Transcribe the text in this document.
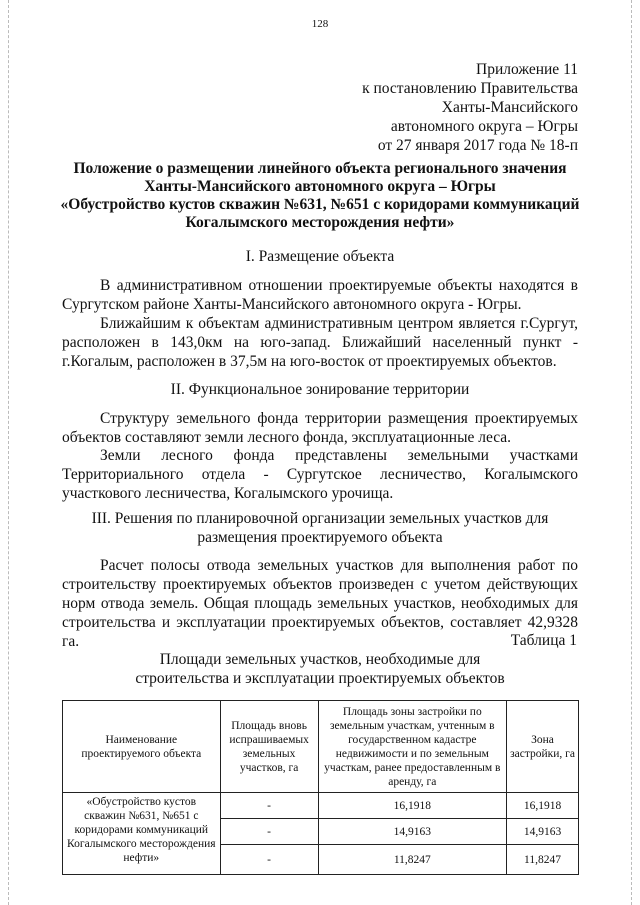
128
Приложение 11
к постановлению Правительства
Ханты-Мансийского
автономного округа – Югры
от 27 января 2017 года № 18-п
Положение о размещении линейного объекта регионального значения
Ханты-Мансийского автономного округа – Югры
«Обустройство кустов скважин №631, №651 с коридорами коммуникаций
Когалымского месторождения нефти»
I. Размещение объекта

В административном отношении проектируемые объекты находятся в Сургутском районе Ханты-Мансийского автономного округа - Югры.

Ближайшим к объектам административным центром является г.Сургут, расположен в 143,0км на юго-запад. Ближайший населенный пункт - г.Когалым, расположен в 37,5м на юго-восток от проектируемых объектов.

II. Функциональное зонирование территории

Структуру земельного фонда территории размещения проектируемых объектов составляют земли лесного фонда, эксплуатационные леса.

Земли лесного фонда представлены земельными участками Территориального отдела - Сургутское лесничество, Когалымского участкового лесничества, Когалымского урочища.

III. Решения по планировочной организации земельных участков для
размещения проектируемого объекта

Расчет полосы отвода земельных участков для выполнения работ по строительству проектируемых объектов произведен с учетом действующих норм отвода земель. Общая площадь земельных участков, необходимых для строительства и эксплуатации проектируемых объектов, составляет 42,9328 га.	Таблица 1
Площади земельных участков, необходимые для
строительства и эксплуатации проектируемых объектов
Наименование проектируемого объекта	Площадь вновь испрашиваемых земельных участков, га	Площадь зоны застройки по земельным участкам, учтенным в государственном кадастре недвижимости и по земельным участкам, ранее предоставленным в аренду, га	Зона застройки, га
«Обустройство кустов скважин №631, №651 с коридорами коммуникаций Когалымского месторождения нефти»	-	16,1918	16,1918
	-	14,9163	14,9163
	-	11,8247	11,8247
